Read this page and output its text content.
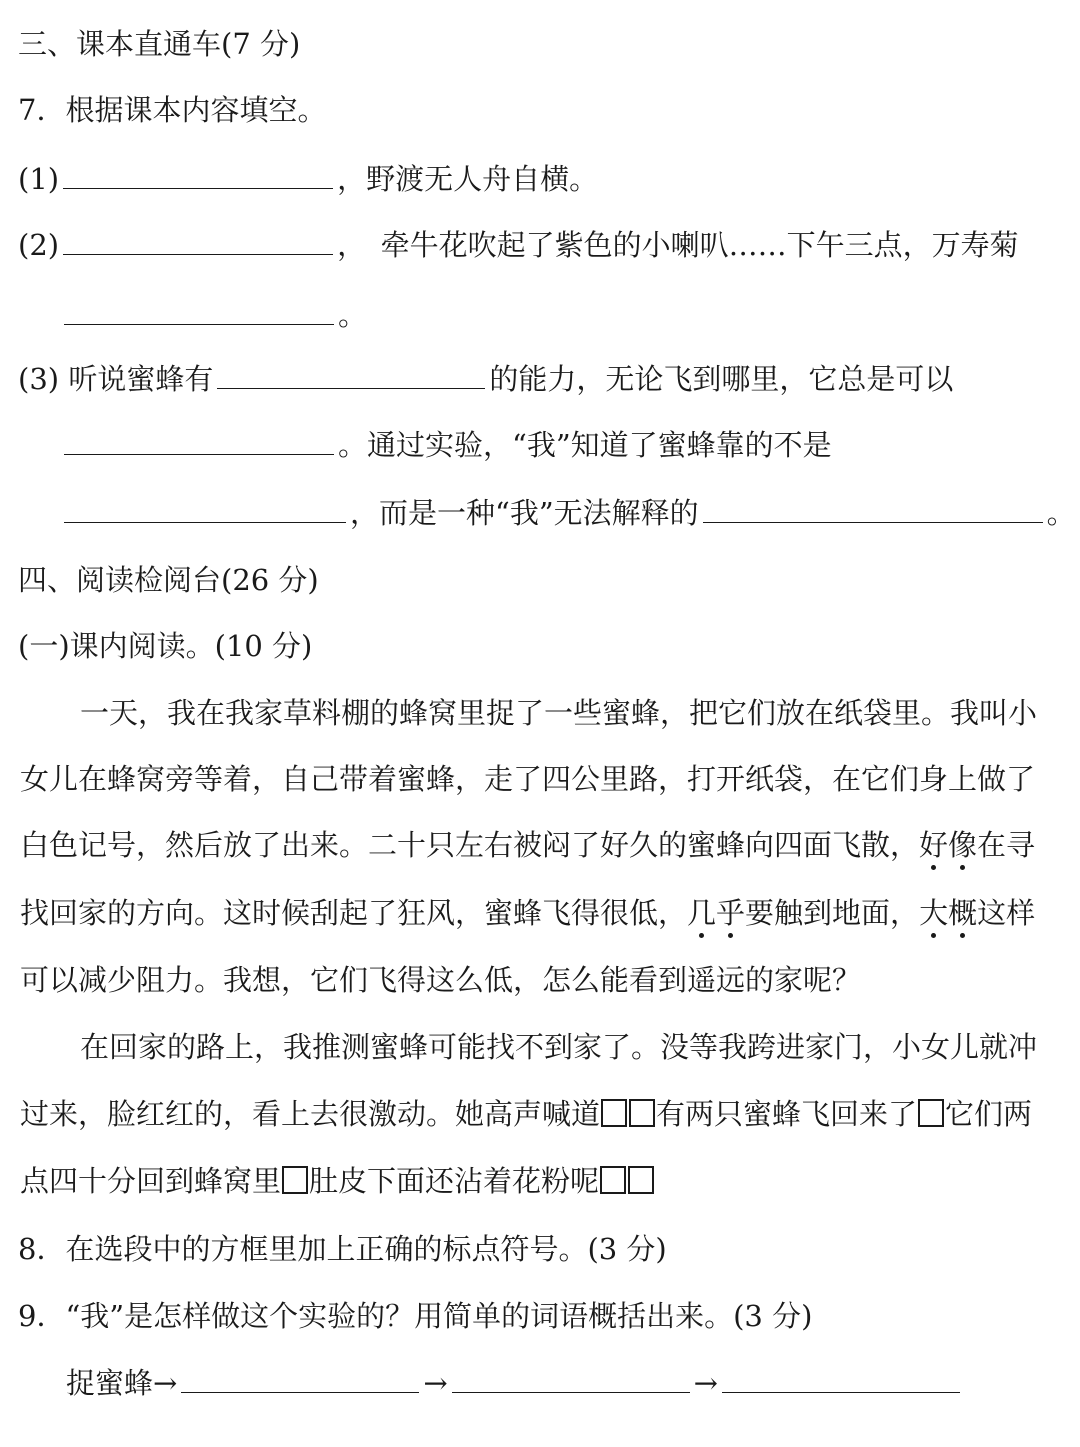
三、课本直通车(7 分)
7．根据课本内容填空。
(1)	，野渡无人舟自横。
(2)	，　牵牛花吹起了紫色的小喇叭……下午三点，万寿菊
。
(3) 听说蜜蜂有	的能力，无论飞到哪里，它总是可以
。通过实验，“我”知道了蜜蜂靠的不是
，而是一种“我”无法解释的	。
四、阅读检阅台(26 分)
(一)课内阅读。(10 分)
一天，我在我家草料棚的蜂窝里捉了一些蜜蜂，把它们放在纸袋里。我叫小
女儿在蜂窝旁等着，自己带着蜜蜂，走了四公里路，打开纸袋，在它们身上做了
白色记号，然后放了出来。二十只左右被闷了好久的蜜蜂向四面飞散，好像在寻
找回家的方向。这时候刮起了狂风，蜜蜂飞得很低，几乎要触到地面，大概这样
可以减少阻力。我想，它们飞得这么低，怎么能看到遥远的家呢？
在回家的路上，我推测蜜蜂可能找不到家了。没等我跨进家门，小女儿就冲
过来，脸红红的，看上去很激动。她高声喊道 有两只蜜蜂飞回来了 它们两
点四十分回到蜂窝里 肚皮下面还沾着花粉呢
8．在选段中的方框里加上正确的标点符号。(3 分)
9．“我”是怎样做这个实验的？用简单的词语概括出来。(3 分)
捉蜜蜂→	→	→
